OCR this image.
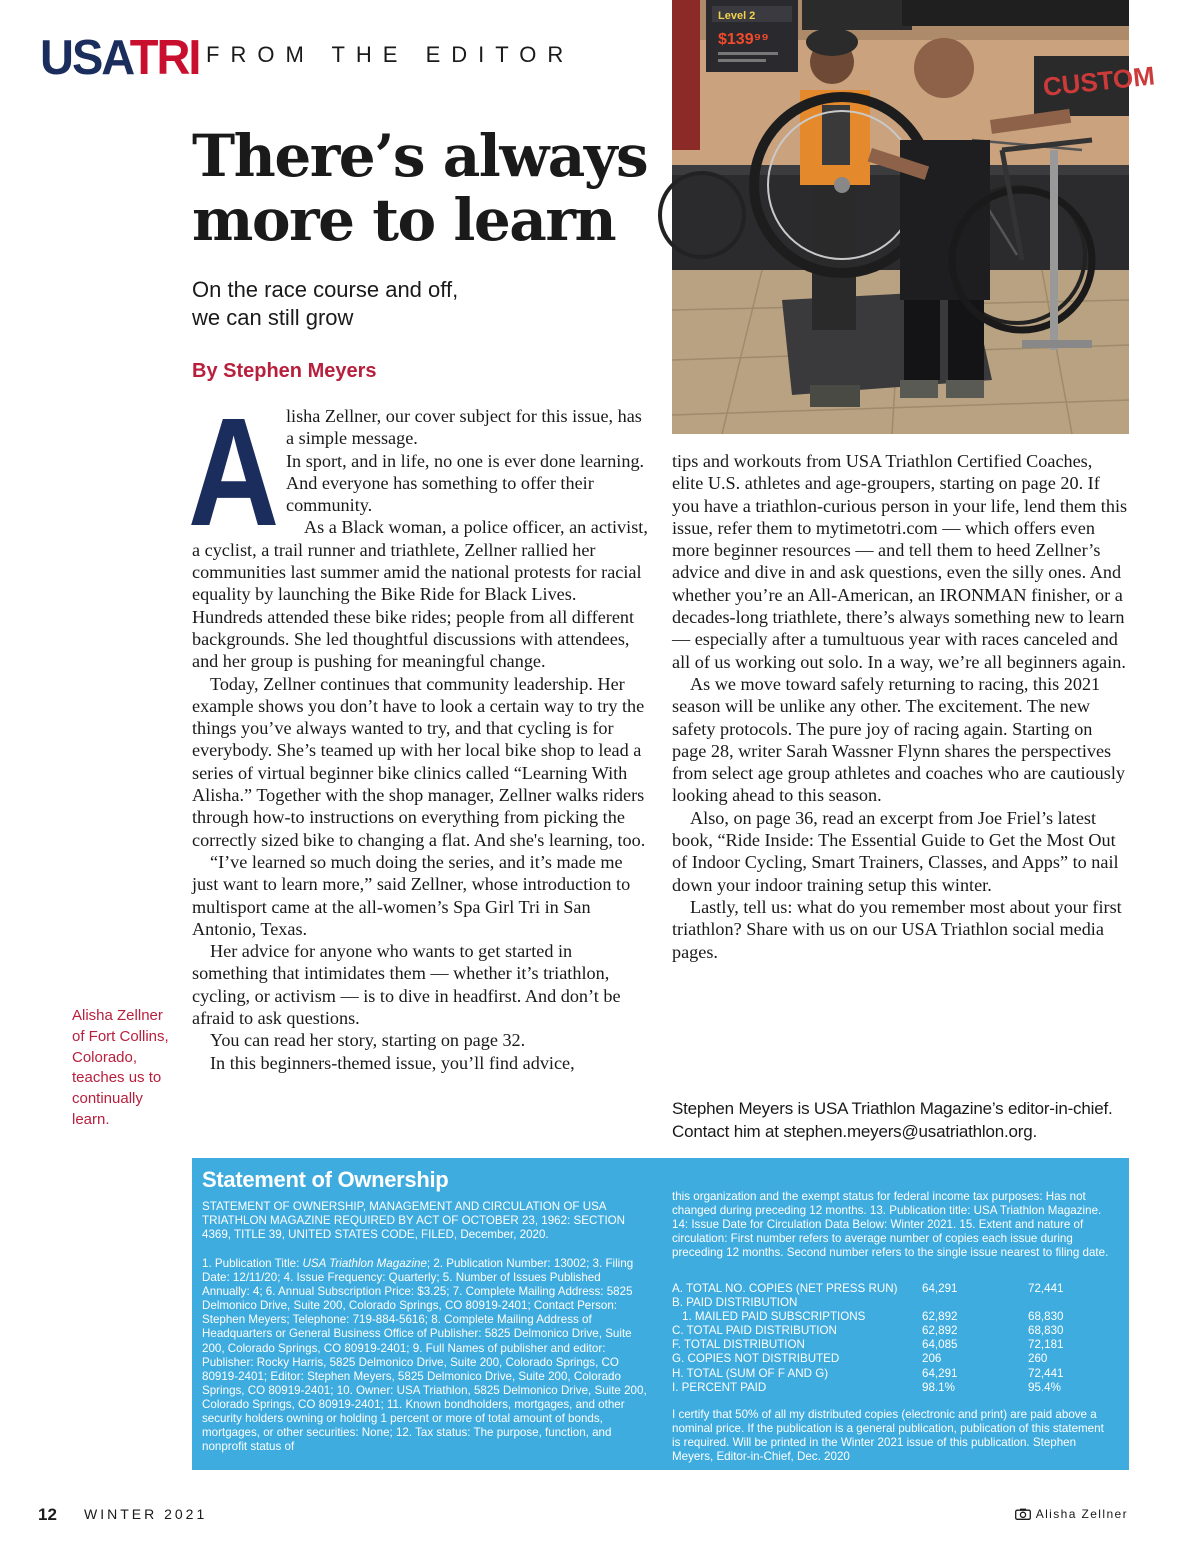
USATRI FROM THE EDITOR
There’s always
more to learn
On the race course and off,
we can still grow
By Stephen Meyers
Level 2
$139⁹⁹
CUSTOM
A lisha Zellner, our cover subject for this issue, has a simple message.

In sport, and in life, no one is ever done learning. And everyone has something to offer their community.

As a Black woman, a police officer, an activist, a cyclist, a trail runner and triathlete, Zellner rallied her communities last summer amid the national protests for racial equality by launching the Bike Ride for Black Lives. Hundreds attended these bike rides; people from all different backgrounds. She led thoughtful discussions with attendees, and her group is pushing for meaningful change.

Today, Zellner continues that community leadership. Her example shows you don’t have to look a certain way to try the things you’ve always wanted to try, and that cycling is for everybody. She’s teamed up with her local bike shop to lead a series of virtual beginner bike clinics called “Learning With Alisha.” Together with the shop manager, Zellner walks riders through how-to instructions on everything from picking the correctly sized bike to changing a flat. And she's learning, too.

“I’ve learned so much doing the series, and it’s made me just want to learn more,” said Zellner, whose introduction to multisport came at the all-women’s Spa Girl Tri in San Antonio, Texas.

Her advice for anyone who wants to get started in something that intimidates them — whether it’s triathlon, cycling, or activism — is to dive in headfirst. And don’t be afraid to ask questions.

You can read her story, starting on page 32.

In this beginners-themed issue, you’ll find advice,

tips and workouts from USA Triathlon Certified Coaches, elite U.S. athletes and age-groupers, starting on page 20. If you have a triathlon-curious person in your life, lend them this issue, refer them to mytimetotri.com — which offers even more beginner resources — and tell them to heed Zellner’s advice and dive in and ask questions, even the silly ones. And whether you’re an All-American, an IRONMAN finisher, or a decades-long triathlete, there’s always something new to learn — especially after a tumultuous year with races canceled and all of us working out solo. In a way, we’re all beginners again.

As we move toward safely returning to racing, this 2021 season will be unlike any other. The excitement. The new safety protocols. The pure joy of racing again. Starting on page 28, writer Sarah Wassner Flynn shares the perspectives from select age group athletes and coaches who are cautiously looking ahead to this season.

Also, on page 36, read an excerpt from Joe Friel’s latest book, “Ride Inside: The Essential Guide to Get the Most Out of Indoor Cycling, Smart Trainers, Classes, and Apps” to nail down your indoor training setup this winter.

Lastly, tell us: what do you remember most about your first triathlon? Share with us on our USA Triathlon social media pages.

Alisha Zellner of Fort Collins, Colorado, teaches us to continually learn.
Stephen Meyers is USA Triathlon Magazine’s editor-in-chief.
Contact him at stephen.meyers@usatriathlon.org.
Statement of Ownership
STATEMENT OF OWNERSHIP, MANAGEMENT AND CIRCULATION OF USA TRIATHLON MAGAZINE REQUIRED BY ACT OF OCTOBER 23, 1962: SECTION 4369, TITLE 39, UNITED STATES CODE, FILED, December, 2020.
1. Publication Title: USA Triathlon Magazine; 2. Publication Number: 13002; 3. Filing Date: 12/11/20; 4. Issue Frequency: Quarterly; 5. Number of Issues Published Annually: 4; 6. Annual Subscription Price: $3.25; 7. Complete Mailing Address: 5825 Delmonico Drive, Suite 200, Colorado Springs, CO 80919-2401; Contact Person: Stephen Meyers; Telephone: 719-884-5616; 8. Complete Mailing Address of Headquarters or General Business Office of Publisher: 5825 Delmonico Drive, Suite 200, Colorado Springs, CO 80919-2401; 9. Full Names of publisher and editor: Publisher: Rocky Harris, 5825 Delmonico Drive, Suite 200, Colorado Springs, CO 80919-2401; Editor: Stephen Meyers, 5825 Delmonico Drive, Suite 200, Colorado Springs, CO 80919-2401; 10. Owner: USA Triathlon, 5825 Delmonico Drive, Suite 200, Colorado Springs, CO 80919-2401; 11. Known bondholders, mortgages, and other security holders owning or holding 1 percent or more of total amount of bonds, mortgages, or other securities: None; 12. Tax status: The purpose, function, and nonprofit status of
this organization and the exempt status for federal income tax purposes: Has not changed during preceding 12 months. 13. Publication title: USA Triathlon Magazine. 14: Issue Date for Circulation Data Below: Winter 2021. 15. Extent and nature of circulation: First number refers to average number of copies each issue during preceding 12 months. Second number refers to the single issue nearest to filing date.
A. TOTAL NO. COPIES (NET PRESS RUN)	64,291	72,441
B. PAID DISTRIBUTION		
1. MAILED PAID SUBSCRIPTIONS	62,892	68,830
C. TOTAL PAID DISTRIBUTION	62,892	68,830
F. TOTAL DISTRIBUTION	64,085	72,181
G. COPIES NOT DISTRIBUTED	206	260
H. TOTAL (SUM OF F AND G)	64,291	72,441
I. PERCENT PAID	98.1%	95.4%
I certify that 50% of all my distributed copies (electronic and print) are paid above a nominal price. If the publication is a general publication, publication of this statement is required. Will be printed in the Winter 2021 issue of this publication. Stephen Meyers, Editor-in-Chief, Dec. 2020
12 WINTER 2021	Alisha Zellner
